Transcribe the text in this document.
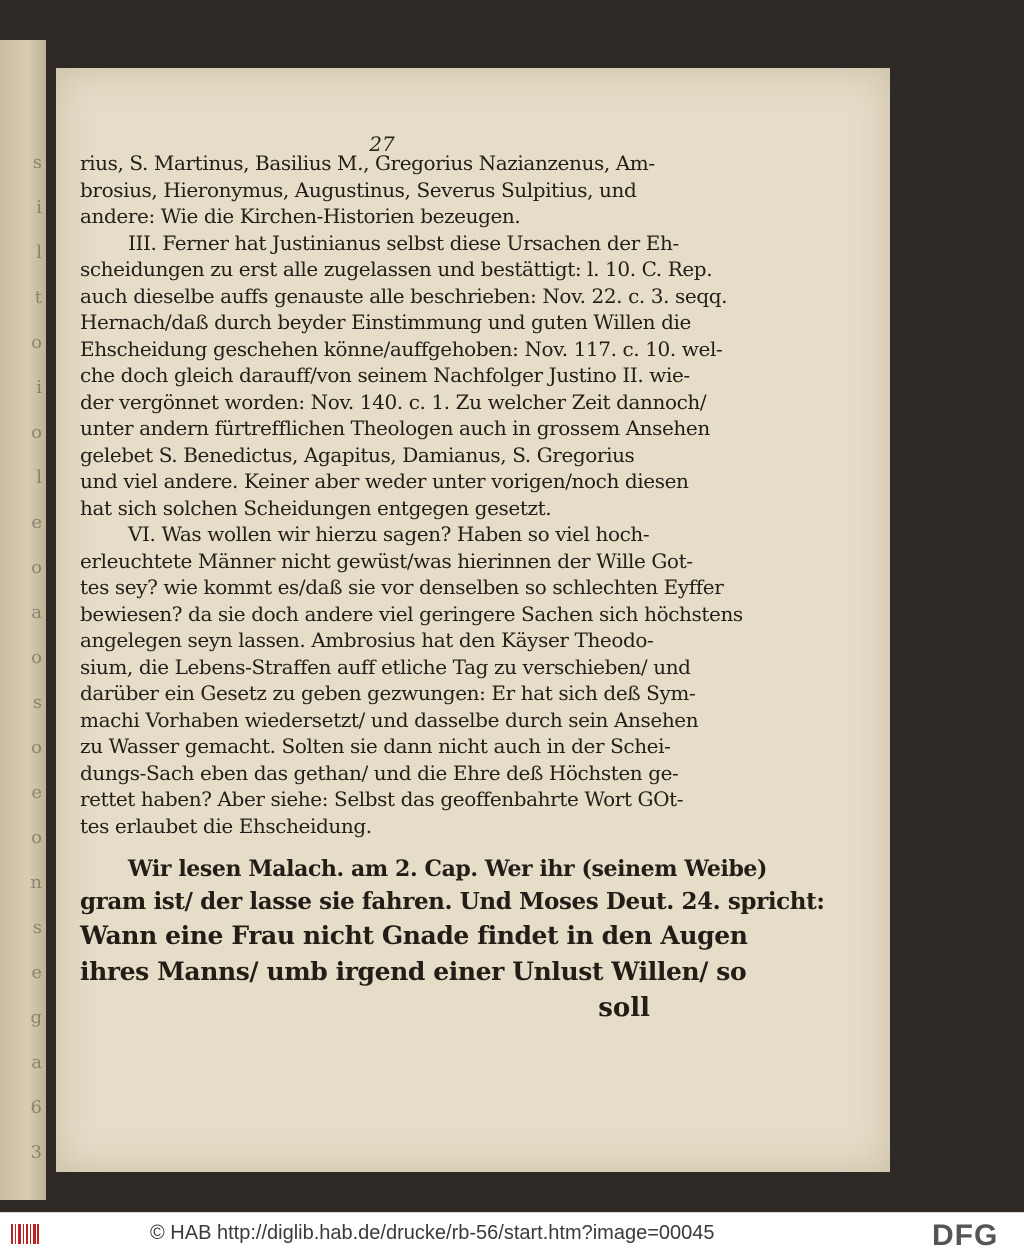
s
i
l
t
o
i
o
l
e
o
a
o
s
o
e
o
n
s
e
g
a
6
3
27
rius, S. Martinus, Basilius M., Gregorius Nazianzenus, Am-
brosius, Hieronymus, Augustinus, Severus Sulpitius, und
andere: Wie die Kirchen-Historien bezeugen.
III. Ferner hat Justinianus selbst diese Ursachen der Eh-
scheidungen zu erst alle zugelassen und bestättigt: l. 10. C. Rep.
auch dieselbe auffs genauste alle beschrieben: Nov. 22. c. 3. seqq.
Hernach/daß durch beyder Einstimmung und guten Willen die
Ehscheidung geschehen könne/auffgehoben: Nov. 117. c. 10. wel-
che doch gleich darauff/von seinem Nachfolger Justino II. wie-
der vergönnet worden: Nov. 140. c. 1. Zu welcher Zeit dannoch/
unter andern fürtrefflichen Theologen auch in grossem Ansehen
gelebet S. Benedictus, Agapitus, Damianus, S. Gregorius
und viel andere. Keiner aber weder unter vorigen/noch diesen
hat sich solchen Scheidungen entgegen gesetzt.
VI. Was wollen wir hierzu sagen? Haben so viel hoch-
erleuchtete Männer nicht gewüst/was hierinnen der Wille Got-
tes sey? wie kommt es/daß sie vor denselben so schlechten Eyffer
bewiesen? da sie doch andere viel geringere Sachen sich höchstens
angelegen seyn lassen. Ambrosius hat den Käyser Theodo-
sium, die Lebens-Straffen auff etliche Tag zu verschieben/ und
darüber ein Gesetz zu geben gezwungen: Er hat sich deß Sym-
machi Vorhaben wiedersetzt/ und dasselbe durch sein Ansehen
zu Wasser gemacht. Solten sie dann nicht auch in der Schei-
dungs-Sach eben das gethan/ und die Ehre deß Höchsten ge-
rettet haben? Aber siehe: Selbst das geoffenbahrte Wort GOt-
tes erlaubet die Ehscheidung.
Wir lesen Malach. am 2. Cap. Wer ihr (seinem Weibe)
gram ist/ der lasse sie fahren. Und Moses Deut. 24. spricht:
Wann eine Frau nicht Gnade findet in den Augen
ihres Manns/ umb irgend einer Unlust Willen/ so
soll
© HAB http://diglib.hab.de/drucke/rb-56/start.htm?image=00045	DFG
